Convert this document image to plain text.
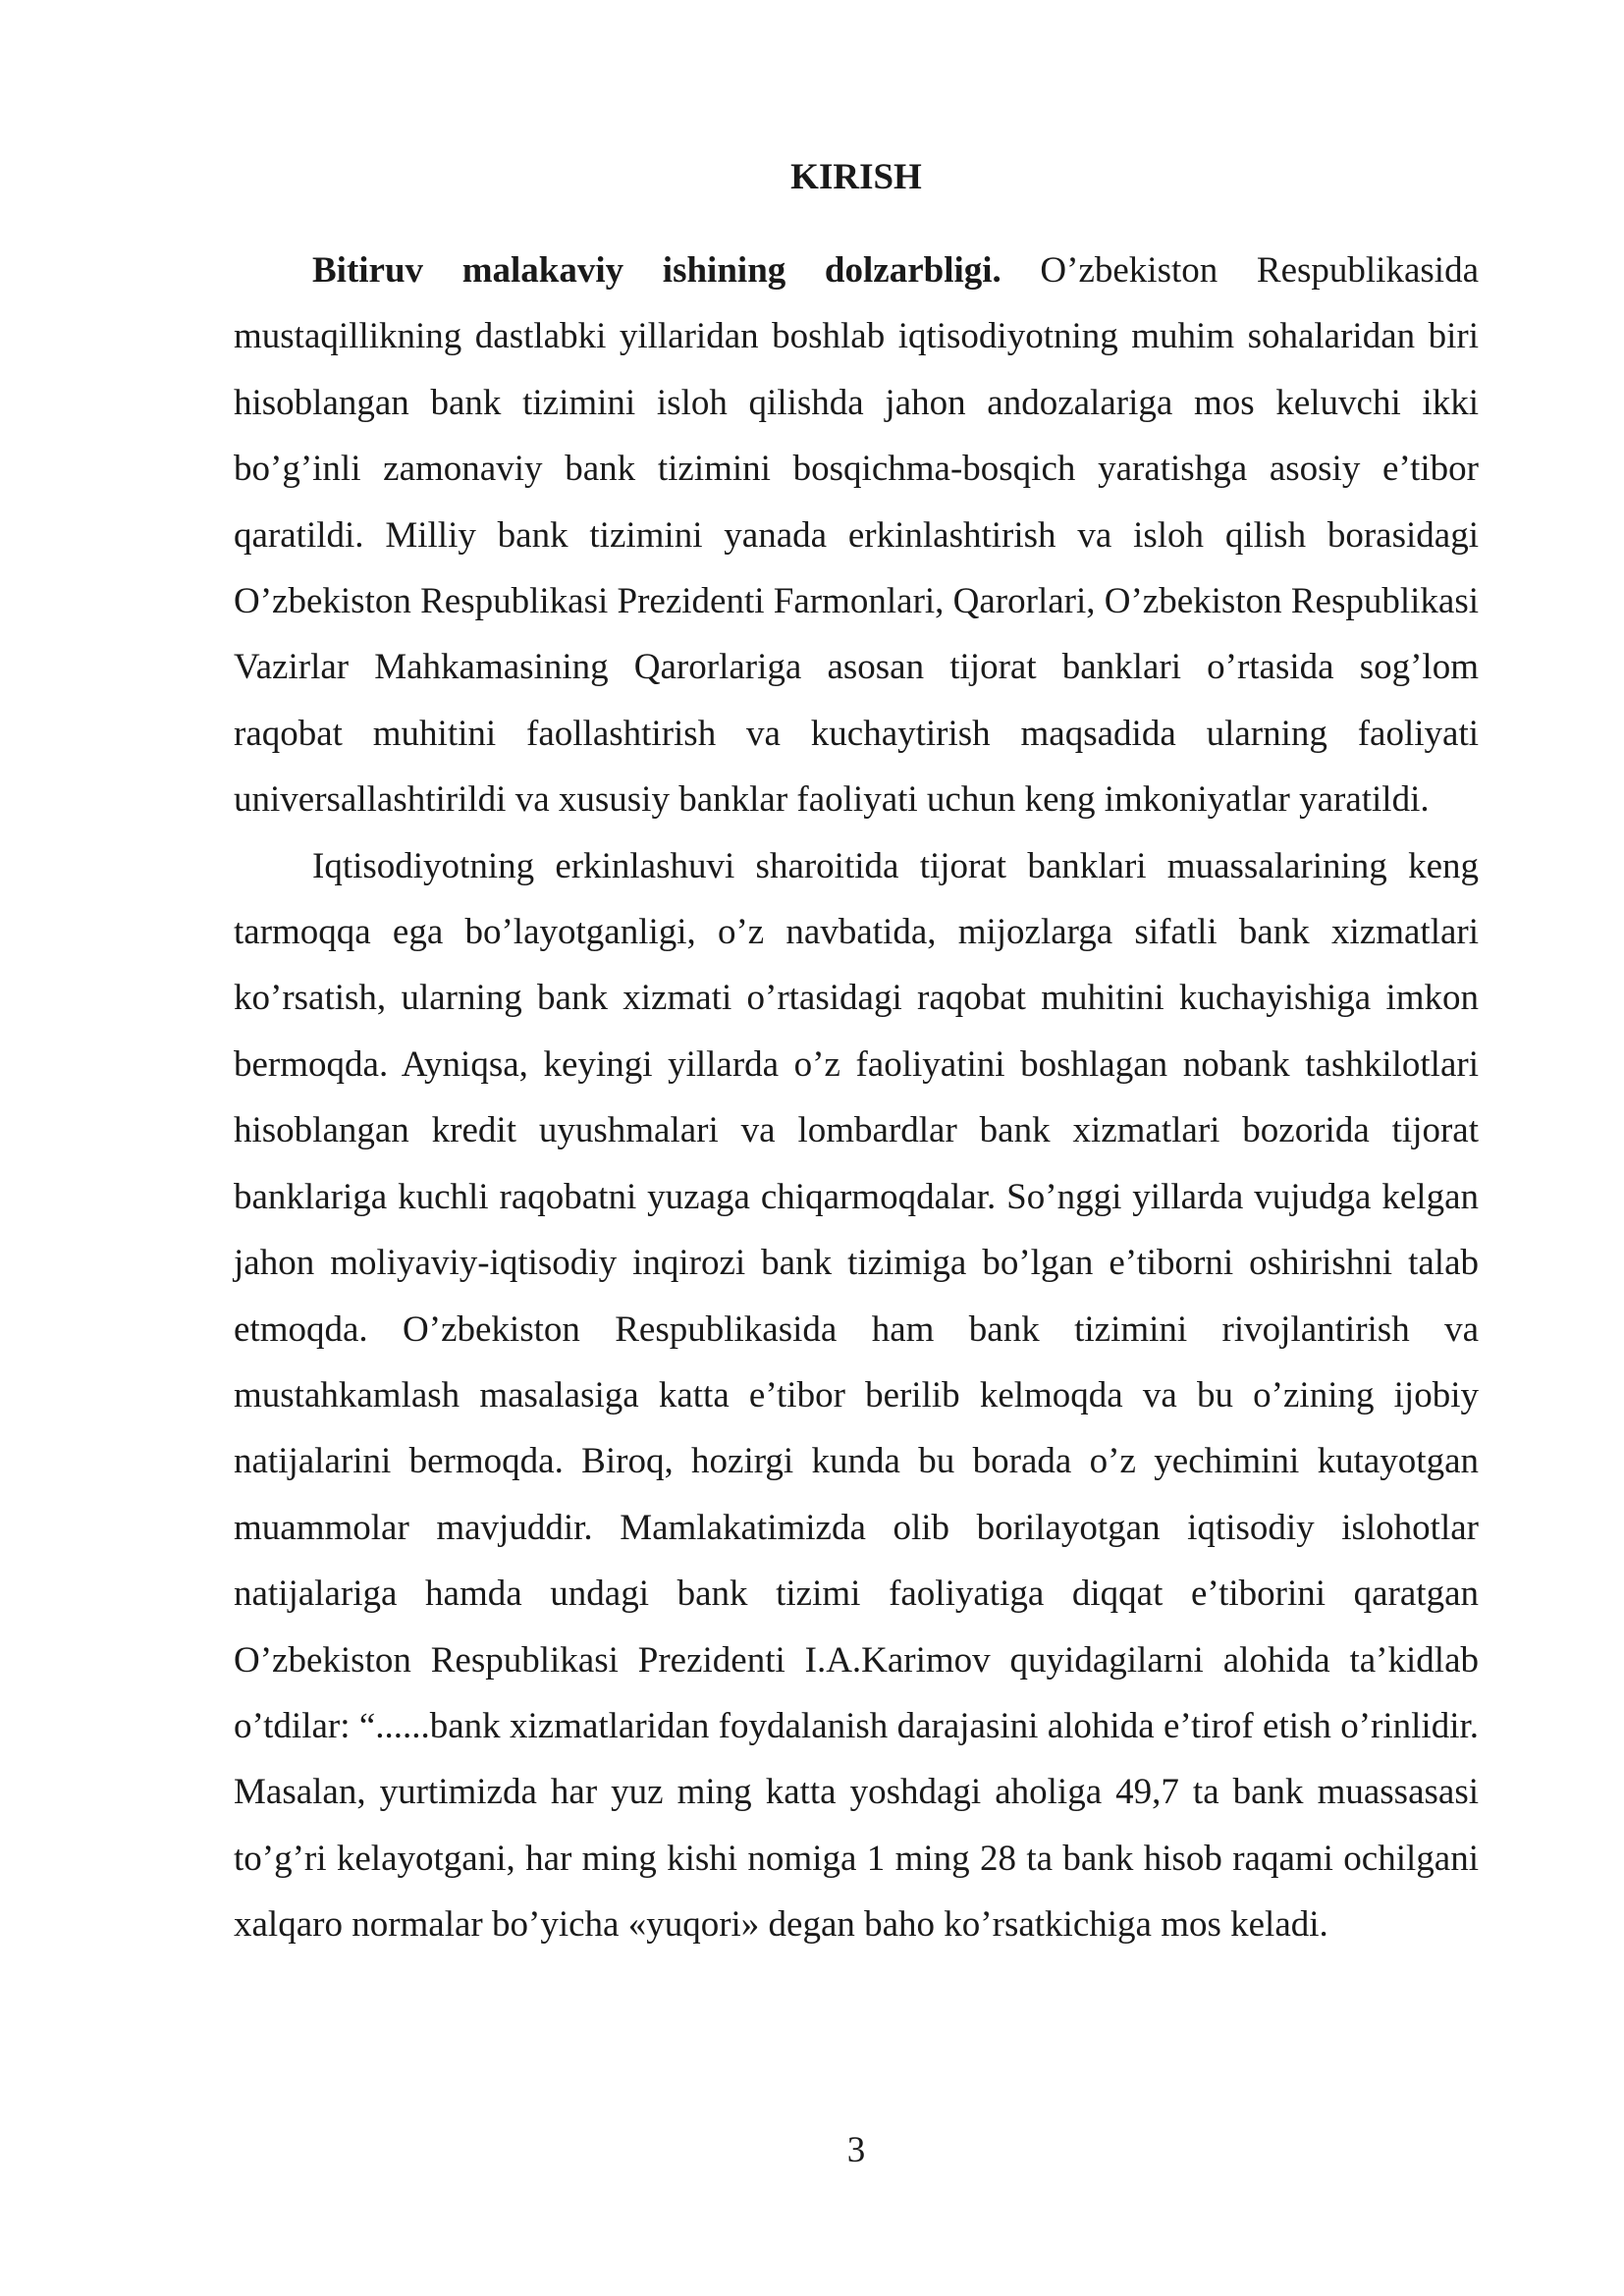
KIRISH

Bitiruv malakaviy ishining dolzarbligi. O’zbekiston Respublikasida mustaqillikning dastlabki yillaridan boshlab iqtisodiyotning muhim sohalaridan biri hisoblangan bank tizimini isloh qilishda jahon andozalariga mos keluvchi ikki bo’g’inli zamonaviy bank tizimini bosqichma-bosqich yaratishga asosiy e’tibor qaratildi. Milliy bank tizimini yanada erkinlashtirish va isloh qilish borasidagi O’zbekiston Respublikasi Prezidenti Farmonlari, Qarorlari, O’zbekiston Respublikasi Vazirlar Mahkamasining Qarorlariga asosan tijorat banklari o’rtasida sog’lom raqobat muhitini faollashtirish va kuchaytirish maqsadida ularning faoliyati universallashtirildi va xususiy banklar faoliyati uchun keng imkoniyatlar yaratildi.

Iqtisodiyotning erkinlashuvi sharoitida tijorat banklari muassalarining keng tarmoqqa ega bo’layotganligi, o’z navbatida, mijozlarga sifatli bank xizmatlari ko’rsatish, ularning bank xizmati o’rtasidagi raqobat muhitini kuchayishiga imkon bermoqda. Ayniqsa, keyingi yillarda o’z faoliyatini boshlagan nobank tashkilotlari hisoblangan kredit uyushmalari va lombardlar bank xizmatlari bozorida tijorat banklariga kuchli raqobatni yuzaga chiqarmoqdalar. So’nggi yillarda vujudga kelgan jahon moliyaviy-iqtisodiy inqirozi bank tizimiga bo’lgan e’tiborni oshirishni talab etmoqda. O’zbekiston Respublikasida ham bank tizimini rivojlantirish va mustahkamlash masalasiga katta e’tibor berilib kelmoqda va bu o’zining ijobiy natijalarini bermoqda. Biroq, hozirgi kunda bu borada o’z yechimini kutayotgan muammolar mavjuddir. Mamlakatimizda olib borilayotgan iqtisodiy islohotlar natijalariga hamda undagi bank tizimi faoliyatiga diqqat e’tiborini qaratgan O’zbekiston Respublikasi Prezidenti I.A.Karimov quyidagilarni alohida ta’kidlab o’tdilar: “......bank xizmatlaridan foydalanish darajasini alohida e’tirof etish o’rinlidir. Masalan, yurtimizda har yuz ming katta yoshdagi aholiga 49,7 ta bank muassasasi to’g’ri kelayotgani, har ming kishi nomiga 1 ming 28 ta bank hisob raqami ochilgani xalqaro normalar bo’yicha «yuqori» degan baho ko’rsatkichiga mos keladi.

3
